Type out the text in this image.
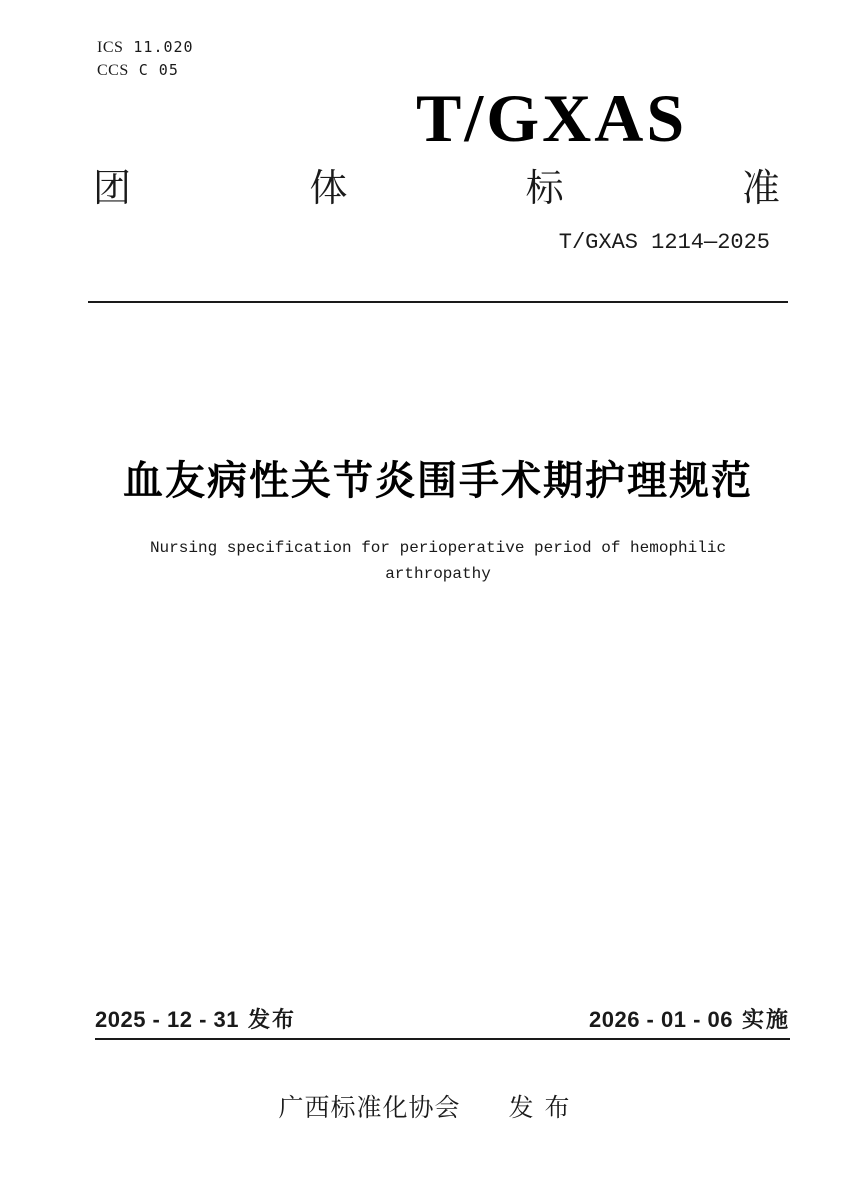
ICS 11.020
CCS C 05
T/GXAS
团	体	标	准
T/GXAS 1214—2025
血友病性关节炎围手术期护理规范
Nursing specification for perioperative period of hemophilic
arthropathy
2025 - 12 - 31 发布	2026 - 01 - 06 实施
广西标准化协会 发 布
